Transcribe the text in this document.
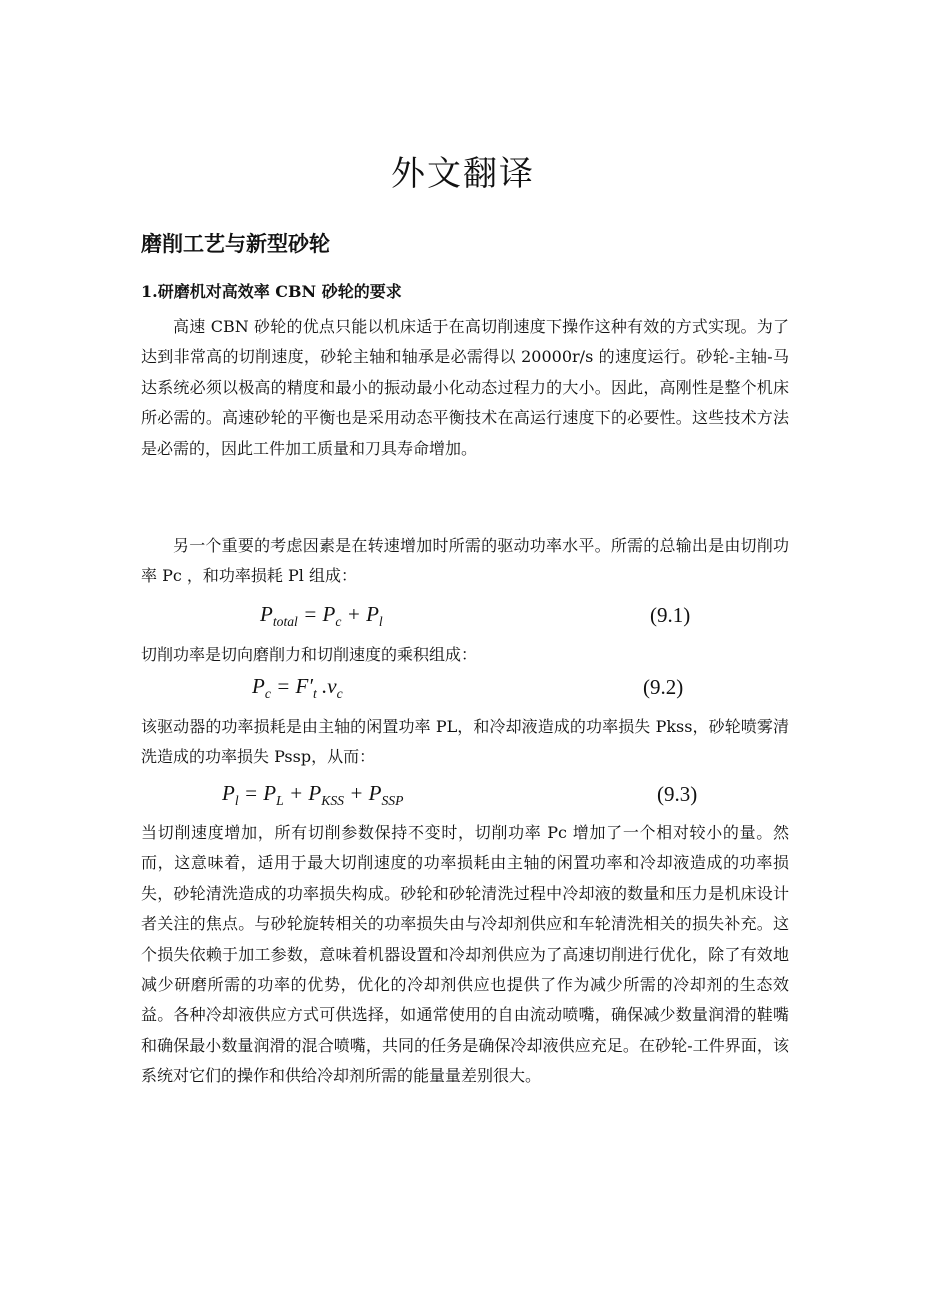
外文翻译
磨削工艺与新型砂轮
1.研磨机对高效率 CBN 砂轮的要求
高速 CBN 砂轮的优点只能以机床适于在高切削速度下操作这种有效的方式实现。为了达到非常高的切削速度，砂轮主轴和轴承是必需得以 20000r/s 的速度运行。砂轮-主轴-马达系统必须以极高的精度和最小的振动最小化动态过程力的大小。因此，高刚性是整个机床所必需的。高速砂轮的平衡也是采用动态平衡技术在高运行速度下的必要性。这些技术方法是必需的，因此工件加工质量和刀具寿命增加。
另一个重要的考虑因素是在转速增加时所需的驱动功率水平。所需的总输出是由切削功率 Pc ，和功率损耗 Pl 组成：
$P_{total} = P_c + P_l$	(9.1)
切削功率是切向磨削力和切削速度的乘积组成：
$P_c = F'_t$ $.v_c$	(9.2)
该驱动器的功率损耗是由主轴的闲置功率 PL，和冷却液造成的功率损失 Pkss，砂轮喷雾清洗造成的功率损失 Pssp，从而：
$P_l = P_L + P_{KSS} + P_{SSP}$	(9.3)
当切削速度增加，所有切削参数保持不变时，切削功率 Pc 增加了一个相对较小的量。然而，这意味着，适用于最大切削速度的功率损耗由主轴的闲置功率和冷却液造成的功率损失，砂轮清洗造成的功率损失构成。砂轮和砂轮清洗过程中冷却液的数量和压力是机床设计者关注的焦点。与砂轮旋转相关的功率损失由与冷却剂供应和车轮清洗相关的损失补充。这个损失依赖于加工参数，意味着机器设置和冷却剂供应为了高速切削进行优化，除了有效地减少研磨所需的功率的优势，优化的冷却剂供应也提供了作为减少所需的冷却剂的生态效益。各种冷却液供应方式可供选择，如通常使用的自由流动喷嘴，确保减少数量润滑的鞋嘴和确保最小数量润滑的混合喷嘴，共同的任务是确保冷却液供应充足。在砂轮-工件界面，该系统对它们的操作和供给冷却剂所需的能量量差别很大。
